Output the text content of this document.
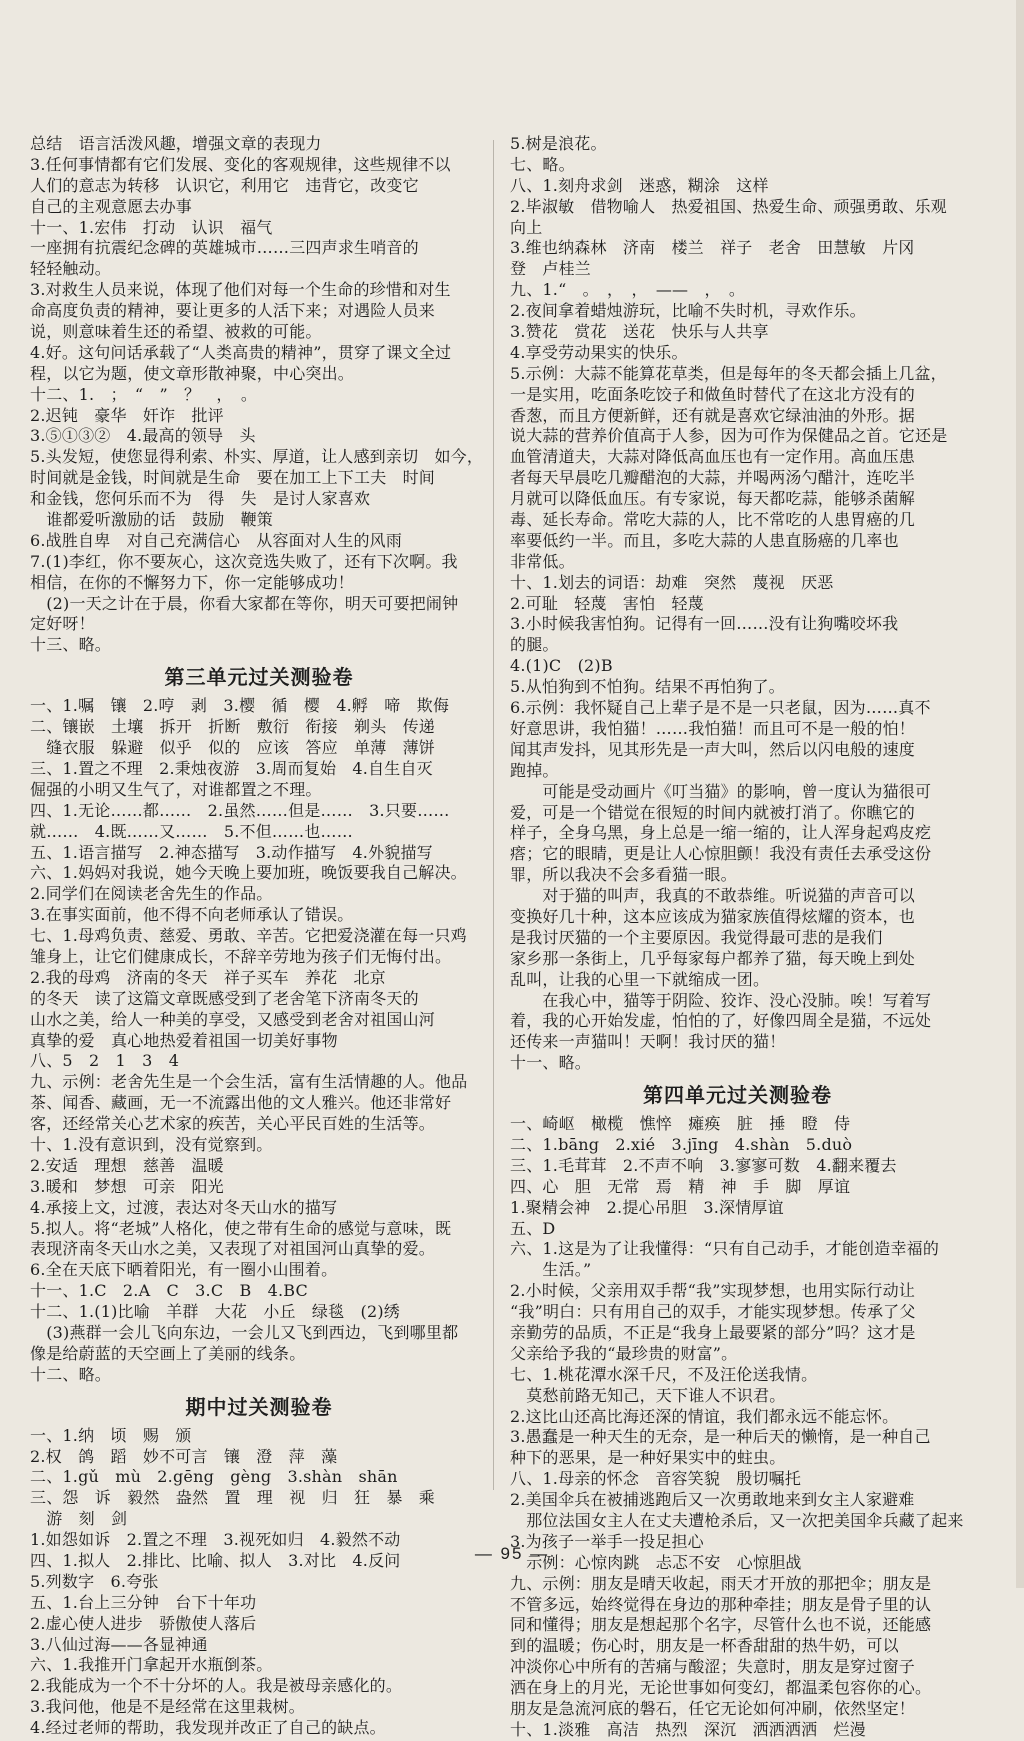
总结　语言活泼风趣，增强文章的表现力
3.任何事情都有它们发展、变化的客观规律，这些规律不以
人们的意志为转移　认识它，利用它　违背它，改变它
自己的主观意愿去办事
十一、1.宏伟　打动　认识　福气
一座拥有抗震纪念碑的英雄城市……三四声求生哨音的
轻轻触动。
3.对救生人员来说，体现了他们对每一个生命的珍惜和对生
命高度负责的精神，要让更多的人活下来；对遇险人员来
说，则意味着生还的希望、被救的可能。
4.好。这句问话承载了“人类高贵的精神”，贯穿了课文全过
程，以它为题，使文章形散神聚，中心突出。
十二、1.　；　“　”　？　，　。
2.迟钝　豪华　奸诈　批评
3.⑤①③②　4.最高的领导　头
5.头发短，使您显得利索、朴实、厚道，让人感到亲切　如今，
时间就是金钱，时间就是生命　要在加工上下工夫　时间
和金钱，您何乐而不为　得　失　是讨人家喜欢
　谁都爱听激励的话　鼓励　鞭策
6.战胜自卑　对自己充满信心　从容面对人生的风雨
7.(1)李红，你不要灰心，这次竞选失败了，还有下次啊。我
相信，在你的不懈努力下，你一定能够成功！
　(2)一天之计在于晨，你看大家都在等你，明天可要把闹钟
定好呀！
十三、略。
第三单元过关测验卷
一、1.嘱　镶　2.哼　剥　3.樱　循　樱　4.孵　啼　欺侮
二、镶嵌　土壤　拆开　折断　敷衍　衔接　剃头　传递
　缝衣服　躲避　似乎　似的　应该　答应　单薄　薄饼
三、1.置之不理　2.秉烛夜游　3.周而复始　4.自生自灭
倔强的小明又生气了，对谁都置之不理。
四、1.无论……都……　2.虽然……但是……　3.只要……
就……　4.既……又……　5.不但……也……
五、1.语言描写　2.神态描写　3.动作描写　4.外貌描写
六、1.妈妈对我说，她今天晚上要加班，晚饭要我自己解决。
2.同学们在阅读老舍先生的作品。
3.在事实面前，他不得不向老师承认了错误。
七、1.母鸡负责、慈爱、勇敢、辛苦。它把爱浇灌在每一只鸡
雏身上，让它们健康成长，不辞辛劳地为孩子们无悔付出。
2.我的母鸡　济南的冬天　祥子买车　养花　北京
的冬天　读了这篇文章既感受到了老舍笔下济南冬天的
山水之美，给人一种美的享受，又感受到老舍对祖国山河
真挚的爱　真心地热爱着祖国一切美好事物
八、5　2　1　3　4
九、示例：老舍先生是一个会生活，富有生活情趣的人。他品
茶、闻香、藏画，无一不流露出他的文人雅兴。他还非常好
客，还经常关心艺术家的疾苦，关心平民百姓的生活等。
十、1.没有意识到，没有觉察到。
2.安适　理想　慈善　温暖
3.暖和　梦想　可亲　阳光
4.承接上文，过渡，表达对冬天山水的描写
5.拟人。将“老城”人格化，使之带有生命的感觉与意味，既
表现济南冬天山水之美，又表现了对祖国河山真挚的爱。
6.全在天底下晒着阳光，有一圈小山围着。
十一、1.C　2.A　C　3.C　B　4.BC
十二、1.(1)比喻　羊群　大花　小丘　绿毯　(2)绣
　(3)燕群一会儿飞向东边，一会儿又飞到西边，飞到哪里都
像是给蔚蓝的天空画上了美丽的线条。
十二、略。
期中过关测验卷
一、1.纳　顷　赐　颁
2.权　鸽　蹈　妙不可言　镶　澄　萍　藻
二、1.gǔ　mù　2.gēng　gèng　3.shàn　shān
三、怨　诉　毅然　盎然　置　理　视　归　狂　暴　乘
　游　刻　剑
1.如怨如诉　2.置之不理　3.视死如归　4.毅然不动
四、1.拟人　2.排比、比喻、拟人　3.对比　4.反问
5.列数字　6.夸张
五、1.台上三分钟　台下十年功
2.虚心使人进步　骄傲使人落后
3.八仙过海——各显神通
六、1.我推开门拿起开水瓶倒茶。
2.我能成为一个不十分坏的人。我是被母亲感化的。
3.我问他，他是不是经常在这里栽树。
4.经过老师的帮助，我发现并改正了自己的缺点。
5.树是浪花。
七、略。
八、1.刻舟求剑　迷惑，糊涂　这样
2.毕淑敏　借物喻人　热爱祖国、热爱生命、顽强勇敢、乐观
向上
3.维也纳森林　济南　楼兰　祥子　老舍　田慧敏　片冈
登　卢桂兰
九、1.“　。　，　，　——　，　。
2.夜间拿着蜡烛游玩，比喻不失时机，寻欢作乐。
3.赞花　赏花　送花　快乐与人共享
4.享受劳动果实的快乐。
5.示例：大蒜不能算花草类，但是每年的冬天都会插上几盆，
一是实用，吃面条吃饺子和做鱼时替代了在这北方没有的
香葱，而且方便新鲜，还有就是喜欢它绿油油的外形。据
说大蒜的营养价值高于人参，因为可作为保健品之首。它还是
血管清道夫，大蒜对降低高血压也有一定作用。高血压患
者每天早晨吃几瓣醋泡的大蒜，并喝两汤勺醋汁，连吃半
月就可以降低血压。有专家说，每天都吃蒜，能够杀菌解
毒、延长寿命。常吃大蒜的人，比不常吃的人患胃癌的几
率要低约一半。而且，多吃大蒜的人患直肠癌的几率也
非常低。
十、1.划去的词语：劫难　突然　蔑视　厌恶
2.可耻　轻蔑　害怕　轻蔑
3.小时候我害怕狗。记得有一回……没有让狗嘴咬坏我
的腿。
4.(1)C　(2)B
5.从怕狗到不怕狗。结果不再怕狗了。
6.示例：我怀疑自己上辈子是不是一只老鼠，因为……真不
好意思讲，我怕猫！……我怕猫！而且可不是一般的怕！
闻其声发抖，见其形先是一声大叫，然后以闪电般的速度
跑掉。
　　可能是受动画片《叮当猫》的影响，曾一度认为猫很可
爱，可是一个错觉在很短的时间内就被打消了。你瞧它的
样子，全身乌黑，身上总是一缩一缩的，让人浑身起鸡皮疙
瘩；它的眼睛，更是让人心惊胆颤！我没有责任去承受这份
罪，所以我决不会多看猫一眼。
　　对于猫的叫声，我真的不敢恭维。听说猫的声音可以
变换好几十种，这本应该成为猫家族值得炫耀的资本，也
是我讨厌猫的一个主要原因。我觉得最可悲的是我们
家乡那一条街上，几乎每家每户都养了猫，每天晚上到处
乱叫，让我的心里一下就缩成一团。
　　在我心中，猫等于阴险、狡诈、没心没肺。唉！写着写
着，我的心开始发虚，怕怕的了，好像四周全是猫，不远处
还传来一声猫叫！天啊！我讨厌的猫！
十一、略。
第四单元过关测验卷
一、崎岖　橄榄　憔悴　瘫痪　脏　捶　瞪　侍
二、1.bāng　2.xié　3.jīng　4.shàn　5.duò
三、1.毛茸茸　2.不声不响　3.寥寥可数　4.翻来覆去
四、心　胆　无常　焉　精　神　手　脚　厚谊
1.聚精会神　2.提心吊胆　3.深情厚谊
五、D
六、1.这是为了让我懂得：“只有自己动手，才能创造幸福的
　　生活。”
2.小时候，父亲用双手帮“我”实现梦想，也用实际行动让
“我”明白：只有用自己的双手，才能实现梦想。传承了父
亲勤劳的品质，不正是“我身上最要紧的部分”吗？这才是
父亲给予我的“最珍贵的财富”。
七、1.桃花潭水深千尺，不及汪伦送我情。
　莫愁前路无知己，天下谁人不识君。
2.这比山还高比海还深的情谊，我们都永远不能忘怀。
3.愚蠢是一种天生的无奈，是一种后天的懒惰，是一种自己
种下的恶果，是一种好果实中的蛀虫。
八、1.母亲的怀念　音容笑貌　殷切嘱托
2.美国伞兵在被捕逃跑后又一次勇敢地来到女主人家避难
　那位法国女主人在丈夫遭枪杀后，又一次把美国伞兵藏了起来
3.为孩子一举手一投足担心
　示例：心惊肉跳　忐忑不安　心惊胆战
九、示例：朋友是晴天收起，雨天才开放的那把伞；朋友是
不管多远，始终觉得在身边的那种牵挂；朋友是骨子里的认
同和懂得；朋友是想起那个名字，尽管什么也不说，还能感
到的温暖；伤心时，朋友是一杯香甜甜的热牛奶，可以
冲淡你心中所有的苦痛与酸涩；失意时，朋友是穿过窗子
洒在身上的月光，无论世事如何变幻，都温柔包容你的心。
朋友是急流河底的磐石，任它无论如何冲刷，依然坚定！
十、1.淡雅　高洁　热烈　深沉　洒洒洒洒　烂漫
— 95 —
